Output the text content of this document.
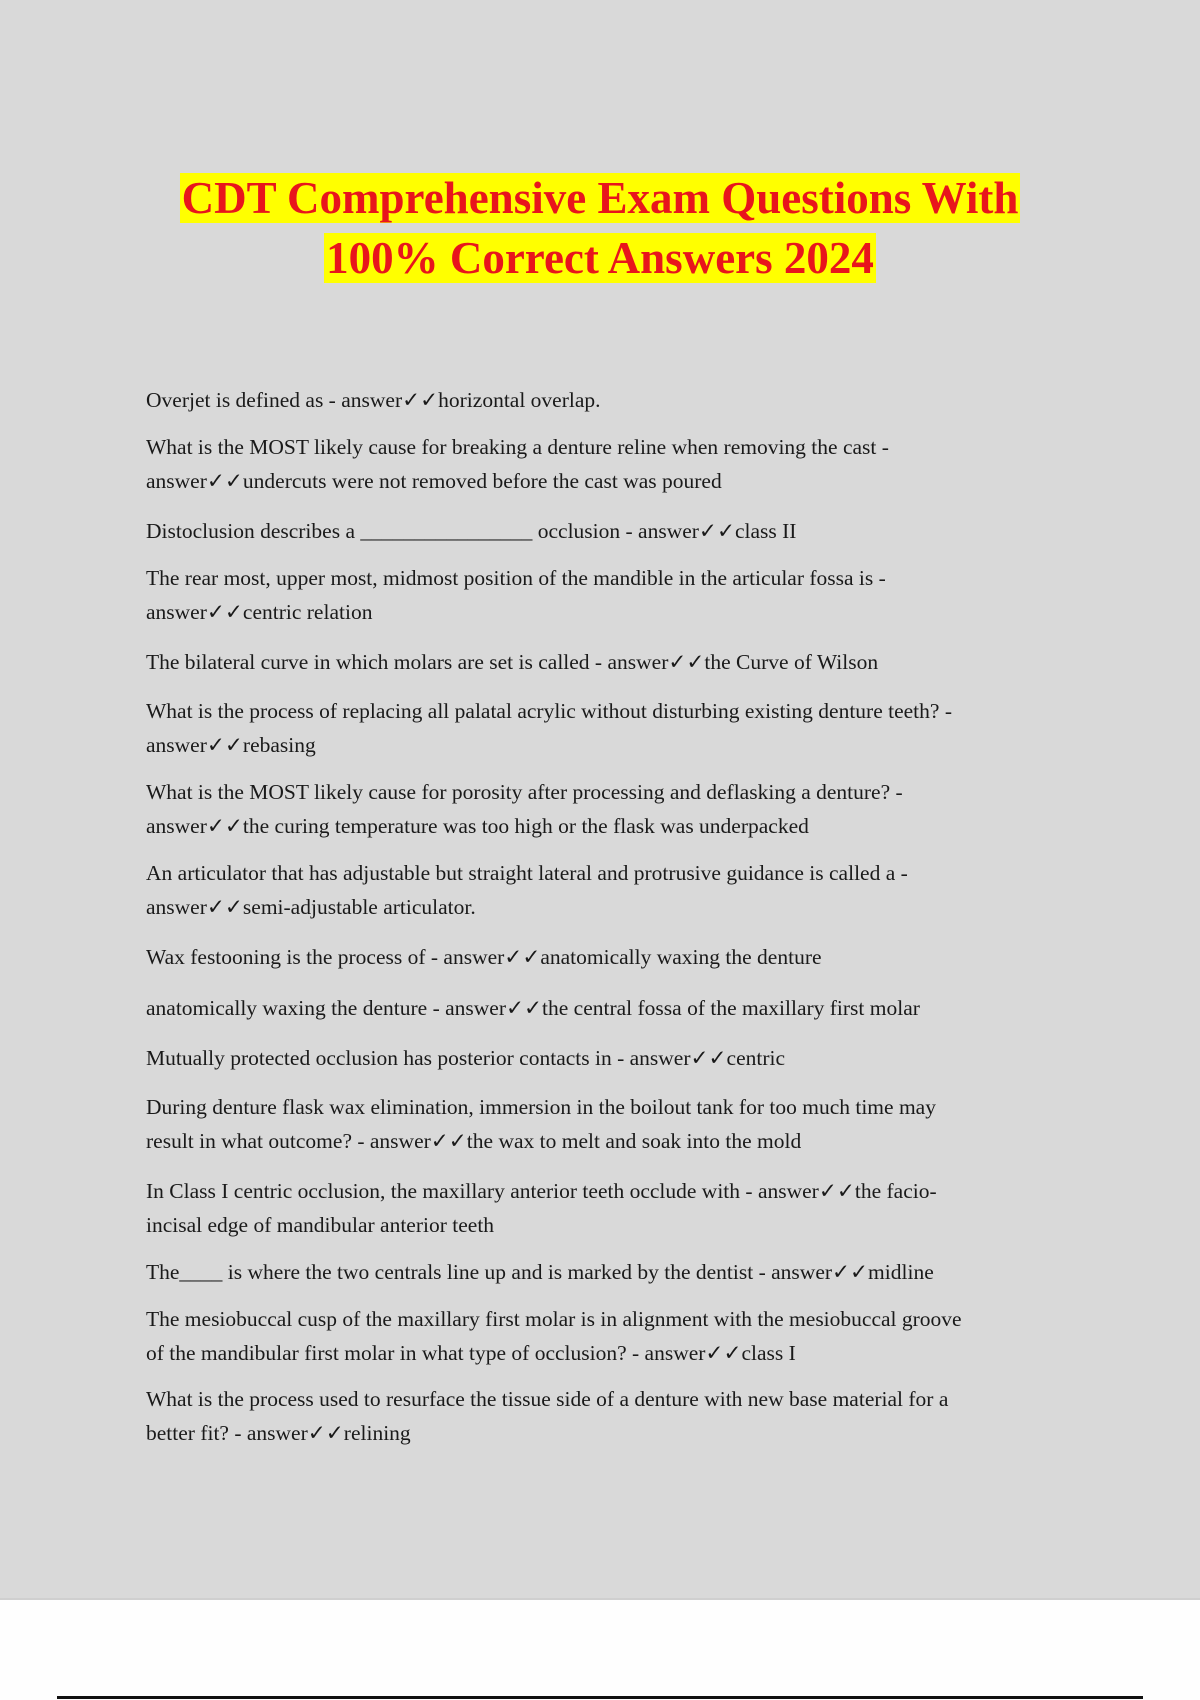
CDT Comprehensive Exam Questions With
100% Correct Answers 2024
Overjet is defined as - answer✓✓horizontal overlap.
What is the MOST likely cause for breaking a denture reline when removing the cast -
answer✓✓undercuts were not removed before the cast was poured
Distoclusion describes a ________________ occlusion - answer✓✓class II
The rear most, upper most, midmost position of the mandible in the articular fossa is -
answer✓✓centric relation
The bilateral curve in which molars are set is called - answer✓✓the Curve of Wilson
What is the process of replacing all palatal acrylic without disturbing existing denture teeth? -
answer✓✓rebasing
What is the MOST likely cause for porosity after processing and deflasking a denture? -
answer✓✓the curing temperature was too high or the flask was underpacked
An articulator that has adjustable but straight lateral and protrusive guidance is called a -
answer✓✓semi-adjustable articulator.
Wax festooning is the process of - answer✓✓anatomically waxing the denture
anatomically waxing the denture - answer✓✓the central fossa of the maxillary first molar
Mutually protected occlusion has posterior contacts in - answer✓✓centric
During denture flask wax elimination, immersion in the boilout tank for too much time may
result in what outcome? - answer✓✓the wax to melt and soak into the mold
In Class I centric occlusion, the maxillary anterior teeth occlude with - answer✓✓the facio-
incisal edge of mandibular anterior teeth
The____ is where the two centrals line up and is marked by the dentist - answer✓✓midline
The mesiobuccal cusp of the maxillary first molar is in alignment with the mesiobuccal groove
of the mandibular first molar in what type of occlusion? - answer✓✓class I
What is the process used to resurface the tissue side of a denture with new base material for a
better fit? - answer✓✓relining
